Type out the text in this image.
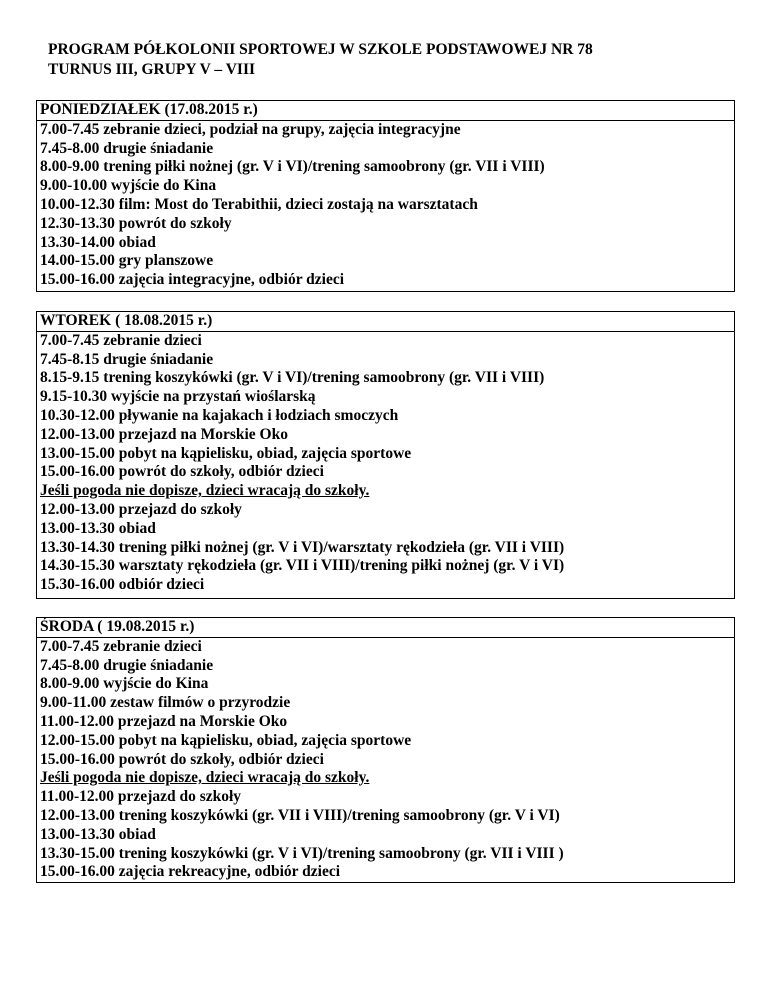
PROGRAM PÓŁKOLONII SPORTOWEJ W SZKOLE PODSTAWOWEJ NR 78
TURNUS III, GRUPY V – VIII
PONIEDZIAŁEK (17.08.2015 r.)
7.00-7.45 zebranie dzieci, podział na grupy, zajęcia integracyjne
7.45-8.00 drugie śniadanie
8.00-9.00 trening piłki nożnej (gr. V i VI)/trening samoobrony (gr. VII i VIII)
9.00-10.00 wyjście do Kina
10.00-12.30 film: Most do Terabithii, dzieci zostają na warsztatach
12.30-13.30 powrót do szkoły
13.30-14.00 obiad
14.00-15.00 gry planszowe
15.00-16.00 zajęcia integracyjne, odbiór dzieci
WTOREK ( 18.08.2015 r.)
7.00-7.45 zebranie dzieci
7.45-8.15 drugie śniadanie
8.15-9.15 trening koszykówki (gr. V i VI)/trening samoobrony (gr. VII i VIII)
9.15-10.30 wyjście na przystań wioślarską
10.30-12.00 pływanie na kajakach i łodziach smoczych
12.00-13.00 przejazd na Morskie Oko
13.00-15.00 pobyt na kąpielisku, obiad, zajęcia sportowe
15.00-16.00 powrót do szkoły, odbiór dzieci
Jeśli pogoda nie dopisze, dzieci wracają do szkoły.
12.00-13.00 przejazd do szkoły
13.00-13.30 obiad
13.30-14.30 trening piłki nożnej (gr. V i VI)/warsztaty rękodzieła (gr. VII i VIII)
14.30-15.30 warsztaty rękodzieła (gr. VII i VIII)/trening piłki nożnej (gr. V i VI)
15.30-16.00 odbiór dzieci
ŚRODA ( 19.08.2015 r.)
7.00-7.45 zebranie dzieci
7.45-8.00 drugie śniadanie
8.00-9.00 wyjście do Kina
9.00-11.00 zestaw filmów o przyrodzie
11.00-12.00 przejazd na Morskie Oko
12.00-15.00 pobyt na kąpielisku, obiad, zajęcia sportowe
15.00-16.00 powrót do szkoły, odbiór dzieci
Jeśli pogoda nie dopisze, dzieci wracają do szkoły.
11.00-12.00 przejazd do szkoły
12.00-13.00 trening koszykówki (gr. VII i VIII)/trening samoobrony (gr. V i VI)
13.00-13.30 obiad
13.30-15.00 trening koszykówki (gr. V i VI)/trening samoobrony (gr. VII i VIII )
15.00-16.00 zajęcia rekreacyjne, odbiór dzieci
